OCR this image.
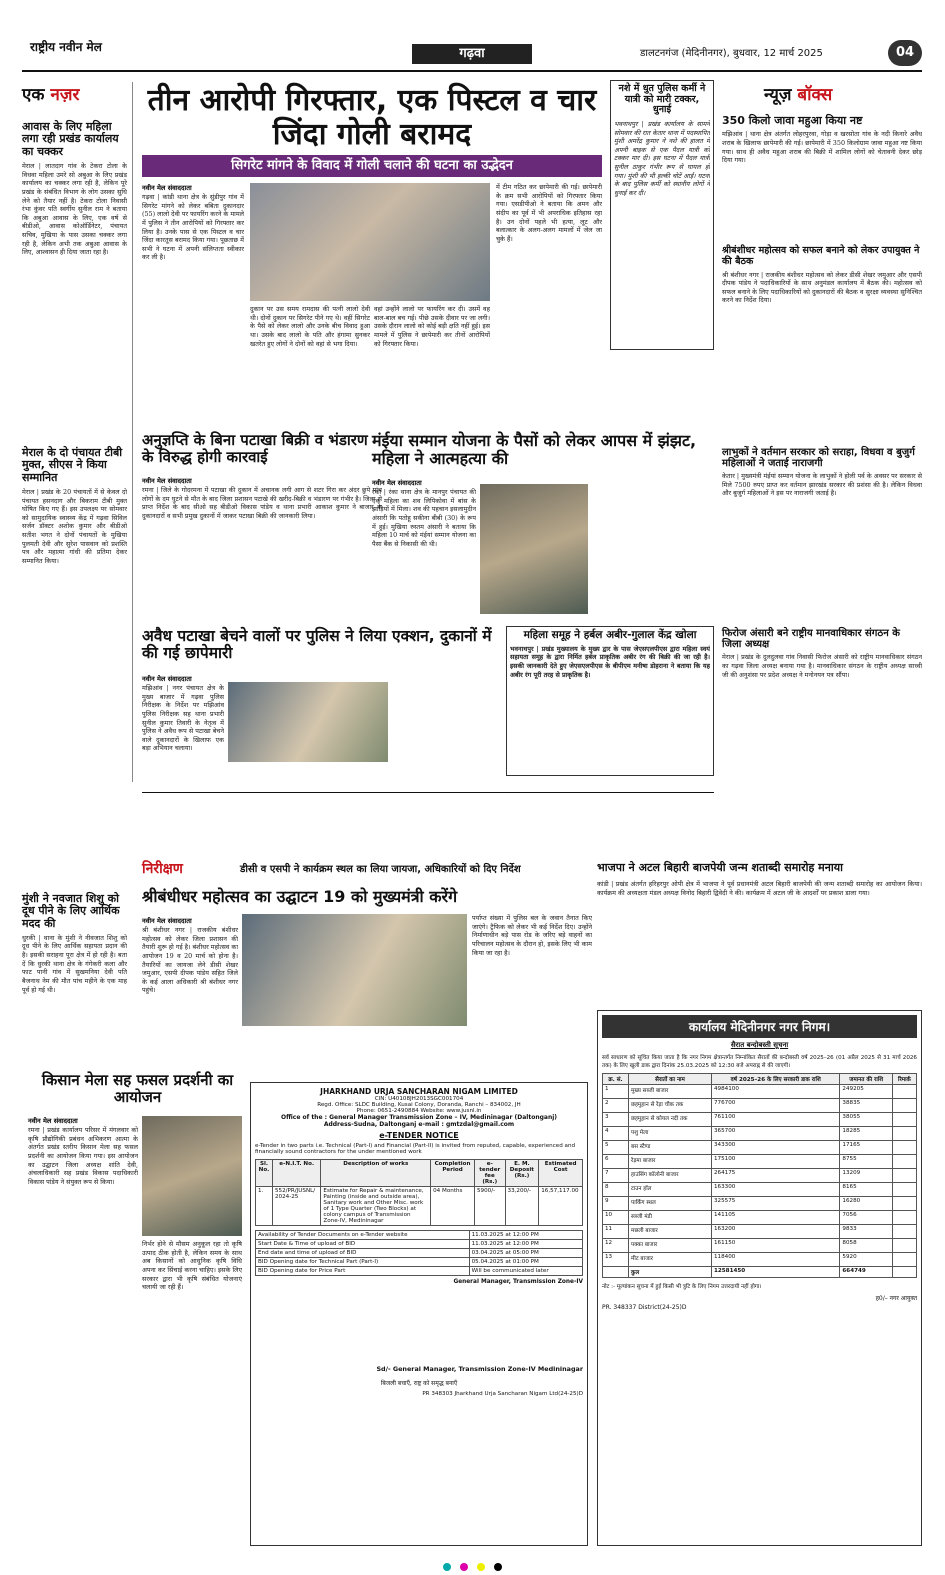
राष्ट्रीय नवीन मेल	गढ़वा	डालटनगंज (मेदिनीनगर), बुधवार, 12 मार्च 2025	04
एक नज़र
आवास के लिए महिला लगा रही प्रखंड कार्यालय का चक्कर
मेराल | लातदाग गांव के टेकरा टोला के विधवा महिला उमरे सो अबुआ के लिए प्रखंड कार्यालय का चक्कर लगा रही है, लेकिन पूरे प्रखंड के संबंधित विभाग के लोग उसका सुधि लेने को तैयार नहीं है। टेकरा टोला निवासी रंभा कुंवर पति स्वर्गीय सुनील राम ने बताया कि अबुआ आवास के लिए, एक वर्ष से बीडीओ, आवास कोऑर्डिनेटर, पंचायत सचिव, मुखिया के पास उसका चक्कर लगा रही है, लेकिन अभी तक अबुआ आवास के लिए, आश्वासन ही दिया जाता रहा है।
मेराल के दो पंचायत टीबी मुक्त, सीएस ने किया सम्मानित
मेराल | प्रखंड के 20 पंचायतों में से केवल दो पंचायत हसनदाग और बिकराम टीबी मुक्त घोषित किए गए हैं। इस उपलक्ष्य पर सोमवार को सामुदायिक स्वास्थ्य केंद्र में गढ़वा सिविल सर्जन डॉक्टर अशोक कुमार और बीडीओ सतीश भगत ने दोनों पंचायतों के मुखिया पुलमती देवी और सुरेश पासवान को प्रशस्ति पत्र और महात्मा गांधी की प्रतिमा देकर सम्मानित किया।
मुंशी ने नवजात शिशु को दूध पीने के लिए आर्थिक मदद की
धुरकी | थाना के मुंशी ने नीवजात शिशु को दूध पीने के लिए आर्थिक सहायता प्रदान की है। इसकी सराहना पूरा क्षेत्र में हो रही है। बता दें कि धुरकी थाना क्षेत्र के गंगेकरी कला और फाट पानी गांव में सुखमनिया देवी पति बैजनाथ नेम की मौत पांच महीने के एक माह पूर्व हो गई थी।
तीन आरोपी गिरफ्तार, एक पिस्टल व चार जिंदा गोली बरामद
सिगरेट मांगने के विवाद में गोली चलाने की घटना का उद्भेदन
नवीन मेल संवाददाता
गढ़वा | कांडी थाना क्षेत्र के सुंडीपुर गांव में सिगरेट मांगने को लेकर बबिता दुकानदार (55) लालो देवी पर फायरिंग करने के मामले में पुलिस ने तीन आरोपियों को गिरफ्तार कर लिया है। उनके पास से एक पिस्टल व चार जिंदा कारतूस बरामद किया गया। पूछताछ में सभी ने घटना में अपनी संलिप्तता स्वीकार कर ली है।
दुकान पर उस समय रामदास की पत्नी लालो देवी थी। दोनों दुकान पर सिगरेट पीने गए थे। वहीं सिगरेट के पैसे को लेकर लालो और उनके बीच विवाद हुआ था। उसके बाद लालो के पति और हंगामा सुनकर खतरेत हुए लोगों ने दोनों को वहां से भगा दिया।
वहां उन्होंने लालो पर फायरिंग कर दी। उसमें वह बाल-बाल बच गई। पीछे उसके दीवार पर जा लगी। उसके दौरान लालो को कोई बड़ी क्षति नहीं हुई। इस मामले में पुलिस ने छापेमारी कर तीनों आरोपियों को गिरफ्तार किया।
में टीम गठित कर छापेमारी की गई। छापेमारी के क्रम सभी आरोपियों को गिरफ्तार किया गया। एसडीपीओ ने बताया कि अमन और संदीप का पूर्व में भी अपराधिक इतिहास रहा है। उन दोनों पहले भी हत्या, लूट और बलात्कार के अलग-अलग मामलों में जेल जा चुके हैं।
नशे में धुत पुलिस कर्मी ने यात्री को मारी टक्कर, धुनाई
भवनाथपुर | प्रखंड कार्यालय के सामने सोमवार की रात केतार थाना में पदस्थापित मुंशी अमरेंद्र कुमार ने नशे की हालत में अपनी बाइक से एक पैदल यात्री को टक्कर मार दी। इस घटना में पैदल यात्री सुनील ठाकुर गंभीर रूप से घायल हो गया। मुंशी की भी हल्की चोटें आईं। घटना के बाद पुलिस कर्मी को स्थानीय लोगों ने धुनाई कर दी।
न्यूज़ बॉक्स
350 किलो जावा महुआ किया नष्ट
मझिआंव | थाना क्षेत्र अंतर्गत लोहरपुरवा, गोड़ा व खरसोता गांव के नदी किनारे अवैध शराब के खिलाफ छापेमारी की गई। छापेमारी में 350 किलोग्राम जावा महुआ नष्ट किया गया। साथ ही अवैध महुआ शराब की बिक्री में शामिल लोगों को चेतावनी देकर छोड़ दिया गया।
श्रीबंशीधर महोत्सव को सफल बनाने को लेकर उपायुक्त ने की बैठक
श्री बंशीधर नगर | राजकीय बंशीधर महोत्सव को लेकर डीसी शेखर जमुआर और एसपी दीपक पांडेय ने पदाधिकारियों के साथ अनुमंडल कार्यालय में बैठक की। महोत्सव को सफल बनाने के लिए पदाधिकारियों को दुकानदारों की बैठक व सुरक्षा व्यवस्था सुनिश्चित करने का निर्देश दिया।
लाभुकों ने वर्तमान सरकार को सराहा, विधवा व बुजुर्ग महिलाओं ने जताई नाराजगी
केतार | मुख्यमंत्री मंईयां सम्मान योजना के लाभुकों ने होली पर्व के अवसर पर सरकार से मिले 7500 रुपए प्राप्त कर वर्तमान झारखंड सरकार की प्रशंसा की है। लेकिन विधवा और बुजुर्ग महिलाओं ने इस पर नाराजगी जताई है।
फिरोज अंसारी बने राष्ट्रीय मानवाधिकार संगठन के जिला अध्यक्ष
मेराल | प्रखंड के दुलदुलवा गांव निवासी फिरोज अंसारी को राष्ट्रीय मानवाधिकार संगठन का गढ़वा जिला अध्यक्ष बनाया गया है। मानवाधिकार संगठन के राष्ट्रीय अध्यक्ष साध्वी जी की अनुशंसा पर प्रदेश अध्यक्ष ने मनोनयन पत्र सौंपा।
अनुज्ञप्ति के बिना पटाखा बिक्री व भंडारण के विरुद्ध होगी कारवाई
नवीन मेल संवाददाता
रमना | जिले के गोदरमना में पटाखा की दुकान में अचानक लगी आग से शटर गिरा कर अंदर छुपे पांच लोगों के दम घुटने से मौत के बाद जिला प्रशासन पटाखे की खरीद-बिक्री व भंडारण पर गंभीर है। जिला से प्राप्त निर्देश के बाद सीओ सह बीडीओ विकास पांडेय व थाना प्रभारी आकाश कुमार ने बाजार के दुकानदारों व सभी प्रमुख दुकानों में जाकर पटाखा बिक्री की जानकारी लिया।
मंईया सम्मान योजना के पैसों को लेकर आपस में झंझट, महिला ने आत्महत्या की
नवीन मेल संवाददाता
रंका | रंका थाना क्षेत्र के मानपुर पंचायत की एक महिला का शव लिपिकोवा में बांस के झाड़ियों में मिला। शव की पहचान इसलामुदीन अंसारी कि पतोहू सकीना बीबी (30) के रूप में हुई। मुखिया रुस्तम अंसारी ने बताया कि महिला 10 मार्च को मंईयां सम्मान योजना का पैसा बैंक से निकासी की थी।
महिला समूह ने हर्बल अबीर-गुलाल केंद्र खोला
भवनाथपुर | प्रखंड मुख्यालय के मुख्य द्वार के पास जेएसएलपीएस द्वारा महिला स्वयं सहायता समूह के द्वारा निर्मित हर्बल प्राकृतिक अबीर रंग की बिक्री की जा रही है। इसकी जानकारी देते हुए जेएसएलपीएस के बीपीएम मनीषा डोहराना ने बताया कि यह अबीर रंग पूरी तरह से प्राकृतिक है।
अवैध पटाखा बेचने वालों पर पुलिस ने लिया एक्शन, दुकानों में की गई छापेमारी
नवीन मेल संवाददाता
मझिआंव | नगर पंचायत क्षेत्र के मुख्य बाजार में गढ़वा पुलिस निरीक्षक के निर्देश पर मझिआंव पुलिस निरीक्षक सह थाना प्रभारी सुनील कुमार तिवारी के नेतृत्व में पुलिस ने अवैध रूप से पटाखा बेचने वाले दुकानदारों के खिलाफ एक बड़ा अभियान चलाया।
निरीक्षण	डीसी व एसपी ने कार्यक्रम स्थल का लिया जायजा, अधिकारियों को दिए निर्देश
श्रीबंधीधर महोत्सव का उद्घाटन 19 को मुख्यमंत्री करेंगे
नवीन मेल संवाददाता
श्री बंशीधर नगर | राजकीय बंशीधर महोत्सव को लेकर जिला प्रशासन की तैयारी शुरू हो गई है। बंशीधर महोत्सव का आयोजन 19 व 20 मार्च को होना है। तैयारियों का जायजा लेने डीसी शेखर जमुआर, एसपी दीपक पांडेय सहित जिले के कई आला अधिकारी श्री बंशीधर नगर पहुंचे।
पर्याप्त संख्या में पुलिस बल के जवान तैनात किए जाएंगे। ट्रैफिक को लेकर भी कई निर्देश दिए। उन्होंने निर्माणाधीन बड़े पास रोड के जरिए बड़े वाहनों का परिचालन महोत्सव के दौरान हो, इसके लिए भी काम किया जा रहा है।
भाजपा ने अटल बिहारी बाजपेयी जन्म शताब्दी समारोह मनाया
कांडी | प्रखंड अंतर्गत हरिहरपुर ओपी क्षेत्र में भाजपा ने पूर्व प्रधानमंत्री अटल बिहारी बाजपेयी की जन्म शताब्दी समारोह का आयोजन किया। कार्यक्रम की अध्यक्षता मंडल अध्यक्ष विनोद बिहारी द्विवेदी ने की। कार्यक्रम में अटल जी के आदर्शों पर प्रकाश डाला गया।
किसान मेला सह फसल प्रदर्शनी का आयोजन
नवीन मेल संवाददाता
रमना | प्रखंड कार्यालय परिसर में मंगलवार को कृषि प्रौद्योगिकी प्रबंधन अभिकरण आत्मा के अंतर्गत प्रखंड स्तरीय किसान मेला सह फसल प्रदर्शनी का आयोजन किया गया। इस आयोजन का उद्घाटन जिला अध्यक्ष शांति देवी, अंचलाधिकारी सह प्रखंड विकास पदाधिकारी विकास पांडेय ने संयुक्त रूप से किया।
निर्भर होने से मौसम अनुकूल रहा तो कृषि उत्पाद ठीक होती है, लेकिन समय के साथ अब किसानों को आधुनिक कृषि विधि अपना कर सिंचाई करना चाहिए। इसके लिए सरकार द्वारा भी कृषि संबंधित योजनाएं चलायी जा रही हैं।
JHARKHAND URJA SANCHARAN NIGAM LIMITED
CIN: U40108JH2013SGC001704
Regd. Office: SLDC Building, Kusai Colony, Doranda, Ranchi – 834002, JH
Phone: 0651-2490884 Website: www.jusnl.in
Office of the : General Manager Transmission Zone – IV, Medininagar (Daltonganj)
Address-Sudna, Daltonganj e-mail : gmtzdal@gmail.com
e-TENDER NOTICE
e-Tender in two parts i.e. Technical (Part-I) and Financial (Part-II) is invited from reputed, capable, experienced and financially sound contractors for the under mentioned work
Sl. No.	e-N.I.T. No.	Description of works	Completion Period	e-tender fee (Rs.)	E. M. Deposit (Rs.)	Estimated Cost
1.	552/PR/JUSNL/ 2024-25	Estimate for Repair & maintenance, Painting (inside and outside area), Sanitary work and Other Misc. work of 1 Type Quarter (Two Blocks) at colony campus of Transmission Zone-IV, Medininagar	04 Months	5900/-	33,200/-	16,57,117.00
Availability of Tender Documents on e-Tender website	11.03.2025 at 12:00 PM
Start Date & Time of upload of BID	11.03.2025 at 12:00 PM
End date and time of upload of BID	03.04.2025 at 05:00 PM
BID Opening date for Technical Part (Part-I)	05.04.2025 at 01:00 PM
BID Opening date for Price Part	Will be communicated later
General Manager, Transmission Zone-IV
Sd/- General Manager, Transmission Zone-IV Medininagar
बिजली बचाएँ, राष्ट्र को समृद्ध बनाएँ
PR 348303 Jharkhand Urja Sancharan Nigam Ltd(24-25)D
कार्यालय मेदिनीनगर नगर निगम।
सैरात बन्दोबस्ती सूचना
सर्व साधारण को सूचित किया जाता है कि नगर निगम क्षेत्रान्तर्गत निम्नांकित सैरातों की बन्दोबस्ती वर्ष 2025–26 (01 अप्रैल 2025 से 31 मार्च 2026 तक) के लिए खुली डाक द्वारा दिनांक 25.03.2025 को 12:30 बजे अपराह्न से की जाएगी।
क्र. सं.	सैरातों का नाम	वर्ष 2025–26 के लिए सरकारी डाक राशि	जमानत की राशि	रिमार्क
1	मुख्य सब्जी बाजार	4984100	249205	
2	छहमुहान से रेड़ा चौक तक	776700	38835	
3	छहमुहान से कोयल नदी तक	761100	38055	
4	पशु मेला	365700	18285	
5	बस स्टैण्ड	343300	17165	
6	रेड़मा बाजार	175100	8755	
7	हाउसिंग कॉलोनी बाजार	264175	13209	
8	टाउन हॉल	163300	8165	
9	पार्किंग स्थल	325575	16280	
10	सब्जी मंडी	141105	7056	
11	मछली बाजार	163200	9833	
12	पक्का बाजार	161150	8058	
13	मीट बाजार	118400	5920	
	कुल	12581450	664749	
नोट :- मूल्यांकन सूचना में हुई किसी भी त्रुटि के लिए निगम उत्तरदायी नहीं होगा।
ह0/– नगर आयुक्त
PR. 348337 District(24-25)D
